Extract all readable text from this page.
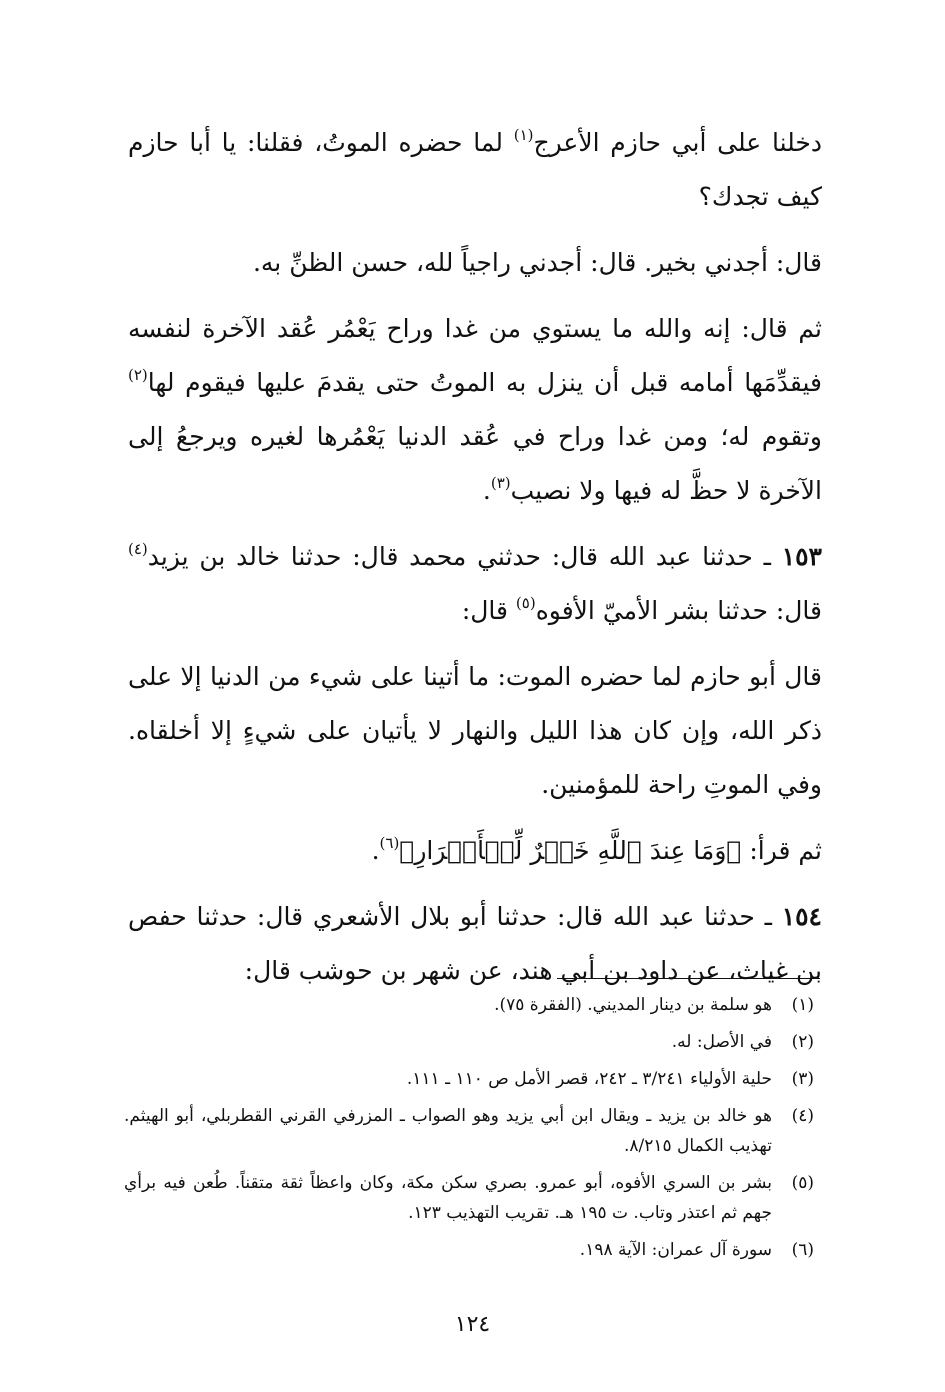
دخلنا على أبي حازم الأعرج$^{(١)}$ لما حضره الموتُ، فقلنا: يا أبا حازم كيف تجدك؟

قال: أجدني بخير. قال: أجدني راجياً لله، حسن الظنِّ به.

ثم قال: إنه والله ما يستوي من غدا وراح يَعْمُر عُقد الآخرة لنفسه فيقدِّمَها أمامه قبل أن ينزل به الموتُ حتى يقدمَ عليها فيقوم لها$^{(٢)}$ وتقوم له؛ ومن غدا وراح في عُقد الدنيا يَعْمُرها لغيره ويرجعُ إلى الآخرة لا حظَّ له فيها ولا نصيب$^{(٣)}$.

١٥٣ ـ حدثنا عبد الله قال: حدثني محمد قال: حدثنا خالد بن يزيد$^{(٤)}$ قال: حدثنا بشر الأميّ الأفوه$^{(٥)}$ قال:

قال أبو حازم لما حضره الموت: ما أتينا على شيء من الدنيا إلا على ذكر الله، وإن كان هذا الليل والنهار لا يأتيان على شيءٍ إلا أخلقاه. وفي الموتِ راحة للمؤمنين.

ثم قرأ: ﴿وَمَا عِندَ ٱللَّهِ خَيۡرٌ لِّلۡأَبۡرَارِ﴾$^{(٦)}$.

١٥٤ ـ حدثنا عبد الله قال: حدثنا أبو بلال الأشعري قال: حدثنا حفص بن غياث، عن داود بن أبي هند، عن شهر بن حوشب قال:

(١)
هو سلمة بن دينار المديني. (الفقرة ٧٥).
(٢)
في الأصل: له.
(٣)
حلية الأولياء ٣/٢٤١ ـ ٢٤٢، قصر الأمل ص ١١٠ ـ ١١١.
(٤)
هو خالد بن يزيد ـ ويقال ابن أبي يزيد وهو الصواب ـ المزرفي القرني القطربلي، أبو الهيثم. تهذيب الكمال ٨/٢١٥.
(٥)
بشر بن السري الأفوه، أبو عمرو. بصري سكن مكة، وكان واعظاً ثقة متقناً. طُعن فيه برأي جهم ثم اعتذر وتاب. ت ١٩٥ هـ. تقريب التهذيب ١٢٣.
(٦)
سورة آل عمران: الآية ١٩٨.
١٢٤
